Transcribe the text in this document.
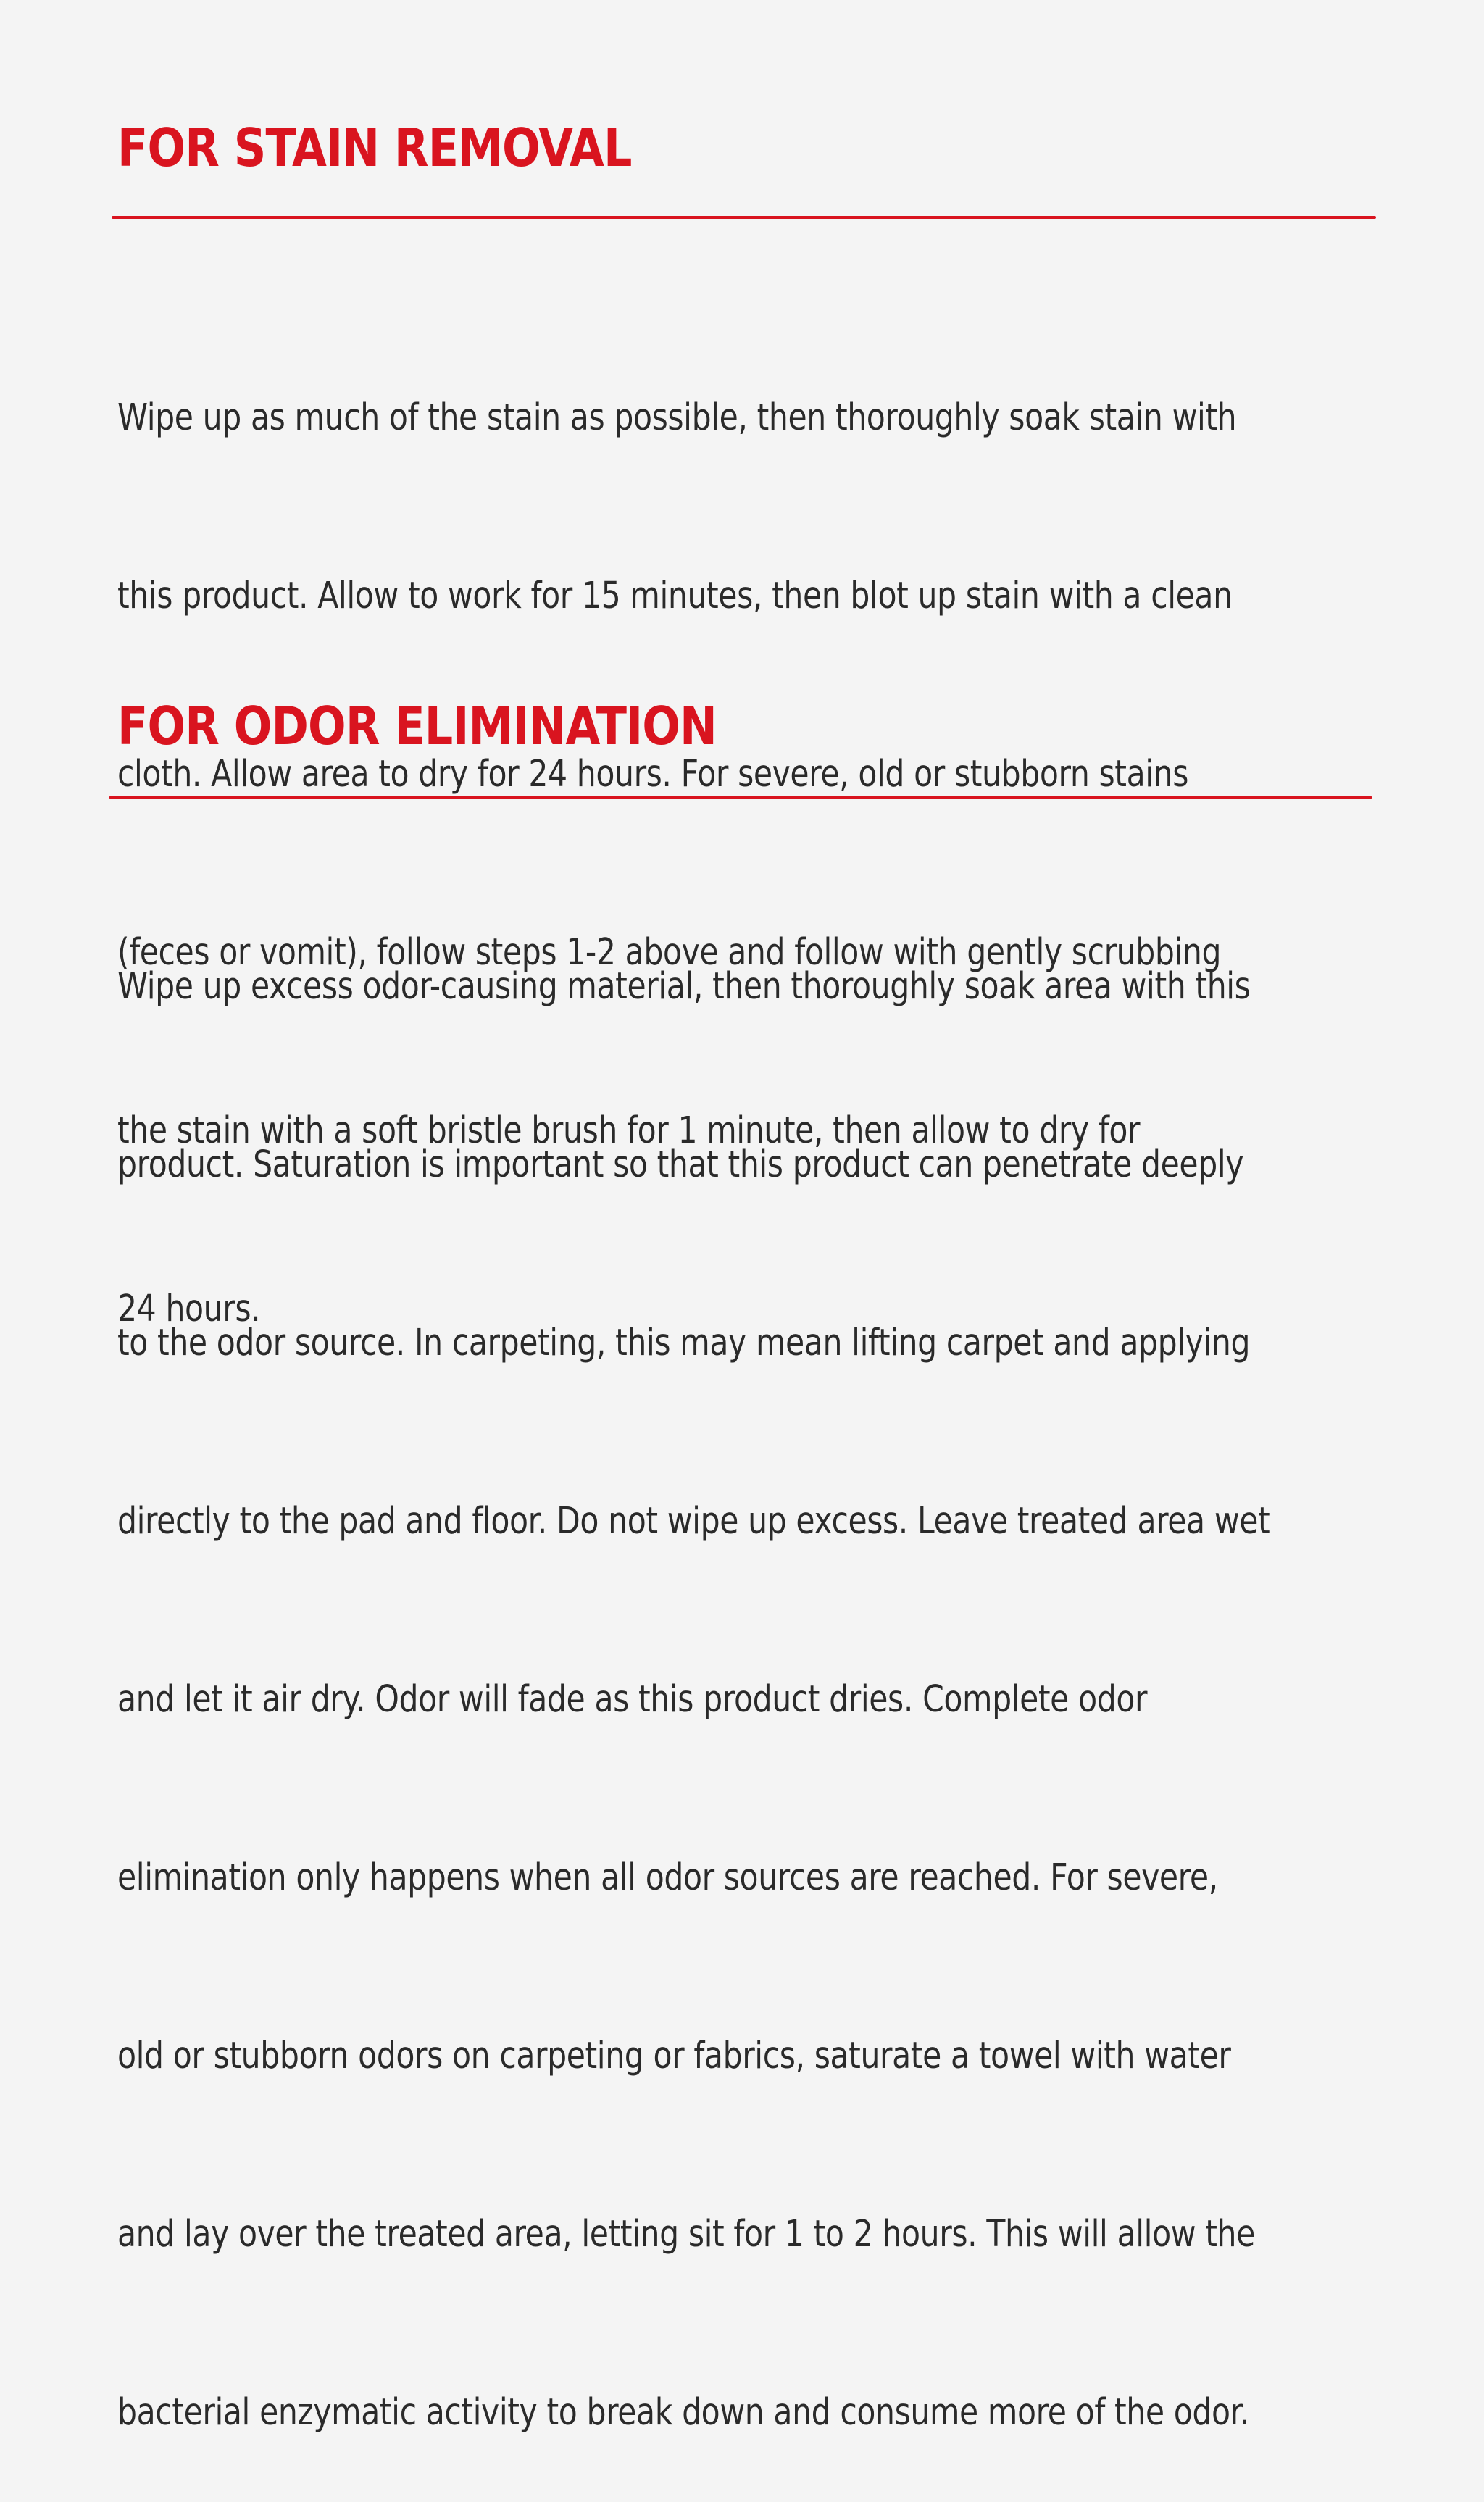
FOR STAIN REMOVAL

Wipe up as much of the stain as possible, then thoroughly soak stain with

this product. Allow to work for 15 minutes, then blot up stain with a clean

cloth. Allow area to dry for 24 hours. For severe, old or stubborn stains

(feces or vomit), follow steps 1-2 above and follow with gently scrubbing

the stain with a soft bristle brush for 1 minute, then allow to dry for

24 hours.

FOR ODOR ELIMINATION

Wipe up excess odor-causing material, then thoroughly soak area with this

product. Saturation is important so that this product can penetrate deeply

to the odor source. In carpeting, this may mean lifting carpet and applying

directly to the pad and floor. Do not wipe up excess. Leave treated area wet

and let it air dry. Odor will fade as this product dries. Complete odor

elimination only happens when all odor sources are reached. For severe,

old or stubborn odors on carpeting or fabrics, saturate a towel with water

and lay over the treated area, letting sit for 1 to 2 hours. This will allow the

bacterial enzymatic activity to break down and consume more of the odor.
